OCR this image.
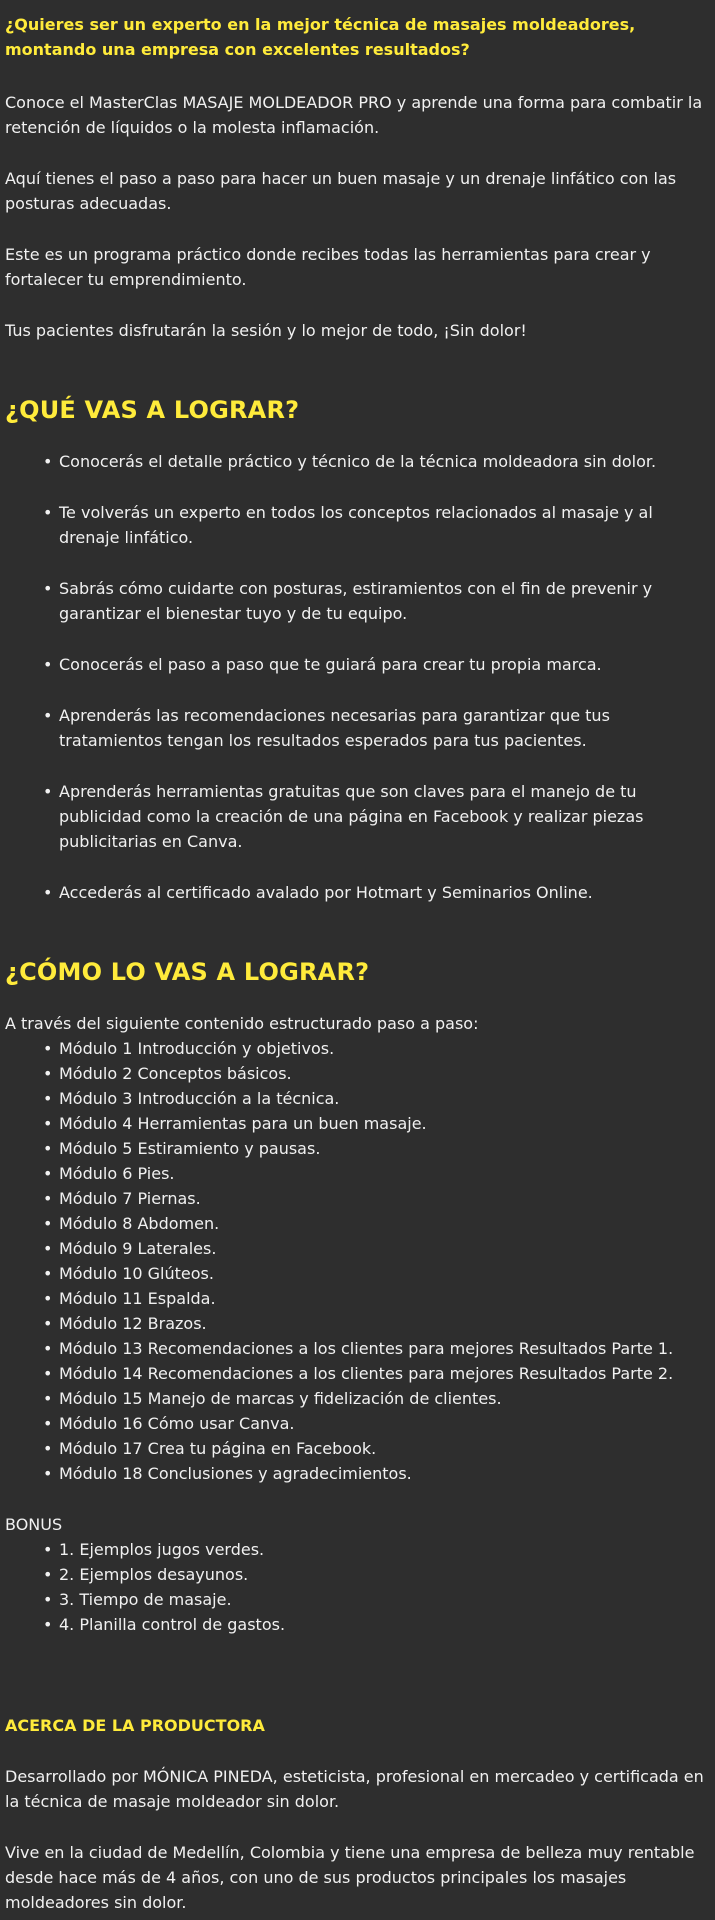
¿Quieres ser un experto en la mejor técnica de masajes moldeadores, montando una empresa con excelentes resultados?

Conoce el MasterClas MASAJE MOLDEADOR PRO y aprende una forma para combatir la retención de líquidos o la molesta inflamación.

Aquí tienes el paso a paso para hacer un buen masaje y un drenaje linfático con las posturas adecuadas.

Este es un programa práctico donde recibes todas las herramientas para crear y fortalecer tu emprendimiento.

Tus pacientes disfrutarán la sesión y lo mejor de todo, ¡Sin dolor!

¿QUÉ VAS A LOGRAR?
• Conocerás el detalle práctico y técnico de la técnica moldeadora sin dolor.
• Te volverás un experto en todos los conceptos relacionados al masaje y al drenaje linfático.
• Sabrás cómo cuidarte con posturas, estiramientos con el fin de prevenir y garantizar el bienestar tuyo y de tu equipo.
• Conocerás el paso a paso que te guiará para crear tu propia marca.
• Aprenderás las recomendaciones necesarias para garantizar que tus tratamientos tengan los resultados esperados para tus pacientes.
• Aprenderás herramientas gratuitas que son claves para el manejo de tu publicidad como la creación de una página en Facebook y realizar piezas publicitarias en Canva.
• Accederás al certificado avalado por Hotmart y Seminarios Online.
¿CÓMO LO VAS A LOGRAR?
A través del siguiente contenido estructurado paso a paso:
• Módulo 1 Introducción y objetivos.
• Módulo 2 Conceptos básicos.
• Módulo 3 Introducción a la técnica.
• Módulo 4 Herramientas para un buen masaje.
• Módulo 5 Estiramiento y pausas.
• Módulo 6 Pies.
• Módulo 7 Piernas.
• Módulo 8 Abdomen.
• Módulo 9 Laterales.
• Módulo 10 Glúteos.
• Módulo 11 Espalda.
• Módulo 12 Brazos.
• Módulo 13 Recomendaciones a los clientes para mejores Resultados Parte 1.
• Módulo 14 Recomendaciones a los clientes para mejores Resultados Parte 2.
• Módulo 15 Manejo de marcas y fidelización de clientes.
• Módulo 16 Cómo usar Canva.
• Módulo 17 Crea tu página en Facebook.
• Módulo 18 Conclusiones y agradecimientos.
BONUS
• 1. Ejemplos jugos verdes.
• 2. Ejemplos desayunos.
• 3. Tiempo de masaje.
• 4. Planilla control de gastos.
ACERCA DE LA PRODUCTORA

Desarrollado por MÓNICA PINEDA, esteticista, profesional en mercadeo y certificada en la técnica de masaje moldeador sin dolor.

Vive en la ciudad de Medellín, Colombia y tiene una empresa de belleza muy rentable desde hace más de 4 años, con uno de sus productos principales los masajes moldeadores sin dolor.
